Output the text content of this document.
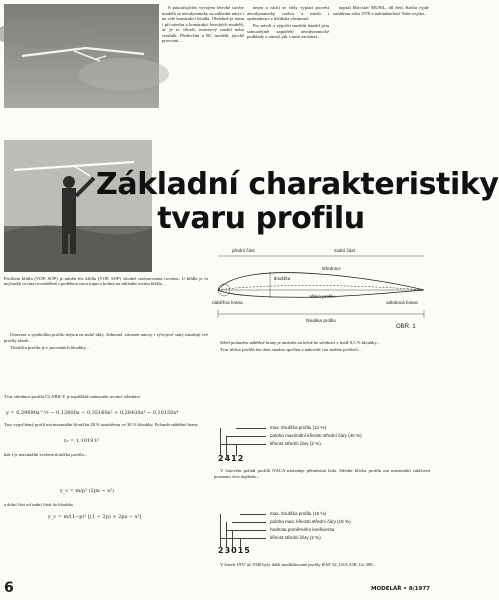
S pokračujícím vývojem letecké stavby modelů se aerodynamiky na základní nárys i na celé konstrukci letadla. Obdobně je tomu i při návrhu a konstrukci leteckých modelů, ať je to větroň, motorový model nebo vrtulník. Předevšim u RC modelů, jejichž provozní...

nejen u nich) se vždy vyplatí provést aerodynamický rozbor a návrh i optimalizaci z hlediska vlastností.

Pro návrh a výpočet modelů letadel jsou samozřejmě zapotřebí aerodynamické podklady a návod, jak s nimi zacházet...

napsal Miroslav MUSIL, díl třetí, Kniha vyjde začátkem roku 1978 v nakladatelství Naše vojsko...

Základní charakteristiky
tvaru profilu
přední část
střednice
zadní část
tloušťka
náběžná hrana	odtoková hrana
tětiva profilu
hloubka profilu
OBR. 1
Profilem křídla (VOP, SOP) je míněn řez křídla (VOP, SOP) vhodně orientovanou rovinou. U křídla je to nejčastěji rovina rovnoběžná s podélnou osou trupu a kolmá na základní rovinu křídla...

Omezení a symboliku profilu nejsou na nulté úhly. Jednotné, závazné autory i vývojové státy označují své profily různě...

Tloušťka profilu je v procentech hloubky...

Tvar střednice profilu CLARK-Y je například znázorněn rovnicí střednice
y = 0,29690x^½ − 0,12600x − 0,35160x² + 0,28430x³ − 0,10150x⁴
Tato vypočítaný profil má maximální tloušťku 28 % umístěnou ve 30 % hloubky. Poloměr náběžné hrany
r₀ = 1,1019 t²
kde t je maximální zvolená tloušťka profilu...
y_c = m/p² (2px − x²)
a dolní část od zadní části do hloubky
y_c = m/(1−p)² [(1 − 2p) + 2px − x²]

Střed poloměru náběžné hrany je umístěn na tečně ke střednici v bodě 0,5 % hloubky...

Tvar těchto profilů lze dnes snadno spočítat a nakreslit i na malém počítači...

2412
max. tloušťka profilu (12 %)
poloha maximální křivosti střední čáry (40 %)
křivost střední čáry (2 %)

V časovém pořadí profilů NACA následuje pětimístná řada. Střední křivka profilu má maximální zakřivení posunuto více dopředu...

23015
max. tloušťka profilu (15 %)
poloha max. křivosti střední čáry (15 %)
hodnota poměrného koeficientu
křivost střední čáry (2 %)

V letech 1937 až 1940 byly další modifikované profily RAF 32, USA 35B, Gö 398...

6	MODELÁŘ • 8/1977
